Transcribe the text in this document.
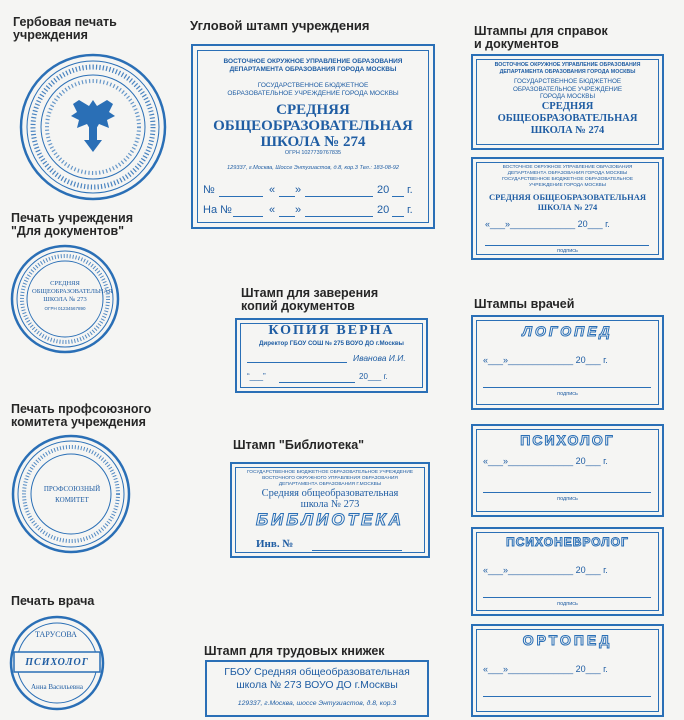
Гербовая печать
учреждения
Печать учреждения
"Для документов"
СРЕДНЯЯ
ОБЩЕОБРАЗОВАТЕЛЬНАЯ
ШКОЛА № 273
ОГРН 01234567890
Печать профсоюзного
комитета учреждения
ПРОФСОЮЗНЫЙ
КОМИТЕТ
Печать врача
ТАРУСОВА
ПСИХОЛОГ
Анна Васильевна
Угловой штамп учреждения
ВОСТОЧНОЕ ОКРУЖНОЕ УПРАВЛЕНИЕ ОБРАЗОВАНИЯ
ДЕПАРТАМЕНТА ОБРАЗОВАНИЯ ГОРОДА МОСКВЫ
ГОСУДАРСТВЕННОЕ БЮДЖЕТНОЕ
ОБРАЗОВАТЕЛЬНОЕ УЧРЕЖДЕНИЕ ГОРОДА МОСКВЫ
СРЕДНЯЯ
ОБЩЕОБРАЗОВАТЕЛЬНАЯ
ШКОЛА № 274
ОГРН 1027739767835
129337, г.Москва, Шоссе Энтузиастов, д.8, кор.3 Тел.: 183-08-92
№	« »	20 г.
На №	« »	20 г.
Штамп для заверения
копий документов
КОПИЯ ВЕРНА
Директор ГБОУ СОШ № 275 ВОУО ДО г.Москвы
Иванова И.И.
“___”	20___ г.
Штамп "Библиотека"
ГОСУДАРСТВЕННОЕ БЮДЖЕТНОЕ ОБРАЗОВАТЕЛЬНОЕ УЧРЕЖДЕНИЕ
ВОСТОЧНОГО ОКРУЖНОГО УПРАВЛЕНИЯ ОБРАЗОВАНИЯ
ДЕПАРТАМЕНТА ОБРАЗОВАНИЯ Г.МОСКВЫ
Средняя общеобразовательная
школа № 273
БИБЛИОТЕКА
Инв. №
Штамп для трудовых книжек
ГБОУ Средняя общеобразовательная
школа № 273 ВОУО ДО г.Москвы
129337, г.Москва, шоссе Энтузиастов, д.8, кор.3
Штампы для справок
и документов
ВОСТОЧНОЕ ОКРУЖНОЕ УПРАВЛЕНИЕ ОБРАЗОВАНИЯ
ДЕПАРТАМЕНТА ОБРАЗОВАНИЯ ГОРОДА МОСКВЫ
ГОСУДАРСТВЕННОЕ БЮДЖЕТНОЕ
ОБРАЗОВАТЕЛЬНОЕ УЧРЕЖДЕНИЕ
ГОРОДА МОСКВЫ
СРЕДНЯЯ
ОБЩЕОБРАЗОВАТЕЛЬНАЯ
ШКОЛА № 274
ВОСТОЧНОЕ ОКРУЖНОЕ УПРАВЛЕНИЕ ОБРАЗОВАНИЯ
ДЕПАРТАМЕНТА ОБРАЗОВАНИЯ ГОРОДА МОСКВЫ
ГОСУДАРСТВЕННОЕ БЮДЖЕТНОЕ ОБРАЗОВАТЕЛЬНОЕ
УЧРЕЖДЕНИЕ ГОРОДА МОСКВЫ
СРЕДНЯЯ ОБЩЕОБРАЗОВАТЕЛЬНАЯ
ШКОЛА № 274
«___»_____________ 20___ г.
подпись
Штампы врачей
ЛОГОПЕД
«___»_____________ 20___ г.
подпись
ПСИХОЛОГ
«___»_____________ 20___ г.
подпись
ПСИХОНЕВРОЛОГ
«___»_____________ 20___ г.
подпись
ОРТОПЕД
«___»_____________ 20___ г.
